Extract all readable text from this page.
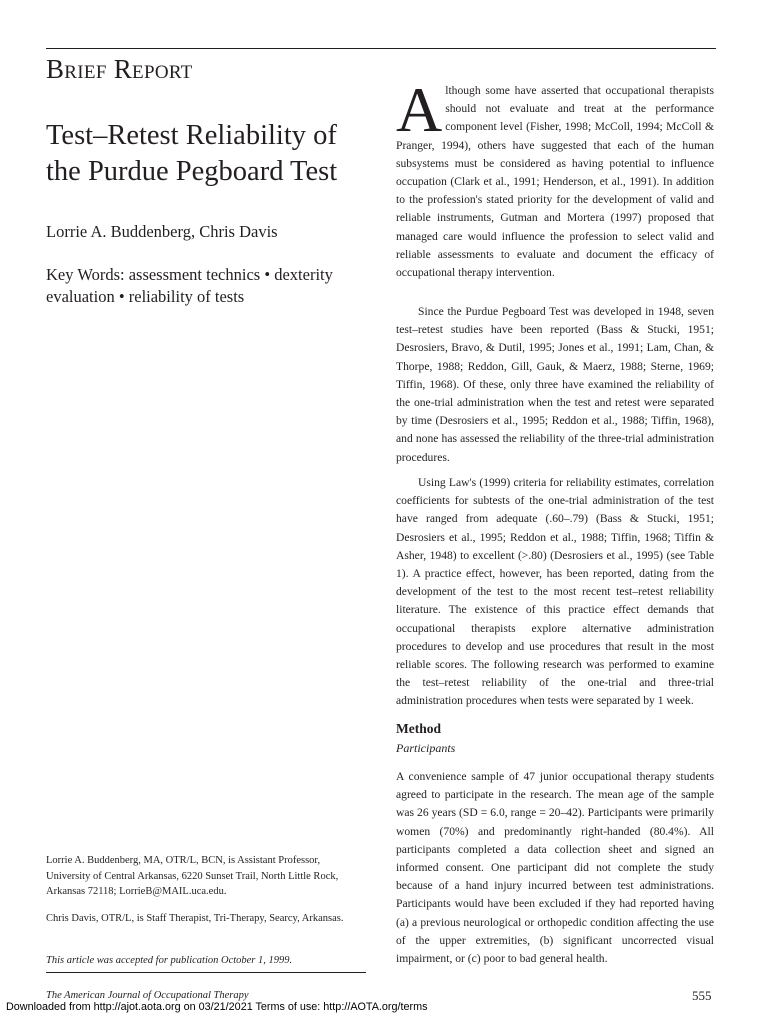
Brief Report
Test–Retest Reliability of the Purdue Pegboard Test
Lorrie A. Buddenberg, Chris Davis
Key Words: assessment technics • dexterity evaluation • reliability of tests
Lorrie A. Buddenberg, MA, OTR/L, BCN, is Assistant Professor, University of Central Arkansas, 6220 Sunset Trail, North Little Rock, Arkansas 72118; LorrieB@MAIL.uca.edu.
Chris Davis, OTR/L, is Staff Therapist, Tri-Therapy, Searcy, Arkansas.
This article was accepted for publication October 1, 1999.

Although some have asserted that occupational therapists should not evaluate and treat at the performance component level (Fisher, 1998; McColl, 1994; McColl & Pranger, 1994), others have suggested that each of the human subsystems must be considered as having potential to influence occupation (Clark et al., 1991; Henderson, et al., 1991). In addition to the profession's stated priority for the development of valid and reliable instruments, Gutman and Mortera (1997) proposed that managed care would influence the profession to select valid and reliable assessments to evaluate and document the efficacy of occupational therapy intervention.

Since the Purdue Pegboard Test was developed in 1948, seven test–retest studies have been reported (Bass & Stucki, 1951; Desrosiers, Bravo, & Dutil, 1995; Jones et al., 1991; Lam, Chan, & Thorpe, 1988; Reddon, Gill, Gauk, & Maerz, 1988; Sterne, 1969; Tiffin, 1968). Of these, only three have examined the reliability of the one-trial administration when the test and retest were separated by time (Desrosiers et al., 1995; Reddon et al., 1988; Tiffin, 1968), and none has assessed the reliability of the three-trial administration procedures.

Using Law's (1999) criteria for reliability estimates, correlation coefficients for subtests of the one-trial administration of the test have ranged from adequate (.60–.79) (Bass & Stucki, 1951; Desrosiers et al., 1995; Reddon et al., 1988; Tiffin, 1968; Tiffin & Asher, 1948) to excellent (>.80) (Desrosiers et al., 1995) (see Table 1). A practice effect, however, has been reported, dating from the development of the test to the most recent test–retest reliability literature. The existence of this practice effect demands that occupational therapists explore alternative administration procedures to develop and use procedures that result in the most reliable scores. The following research was performed to examine the test–retest reliability of the one-trial and three-trial administration procedures when tests were separated by 1 week.

Method
Participants

A convenience sample of 47 junior occupational therapy students agreed to participate in the research. The mean age of the sample was 26 years (SD = 6.0, range = 20–42). Participants were primarily women (70%) and predominantly right-handed (80.4%). All participants completed a data collection sheet and signed an informed consent. One participant did not complete the study because of a hand injury incurred between test administrations. Participants would have been excluded if they had reported having (a) a previous neurological or orthopedic condition affecting the use of the upper extremities, (b) significant uncorrected visual impairment, or (c) poor to bad general health.

The American Journal of Occupational Therapy	555
Downloaded from http://ajot.aota.org on 03/21/2021 Terms of use: http://AOTA.org/terms
